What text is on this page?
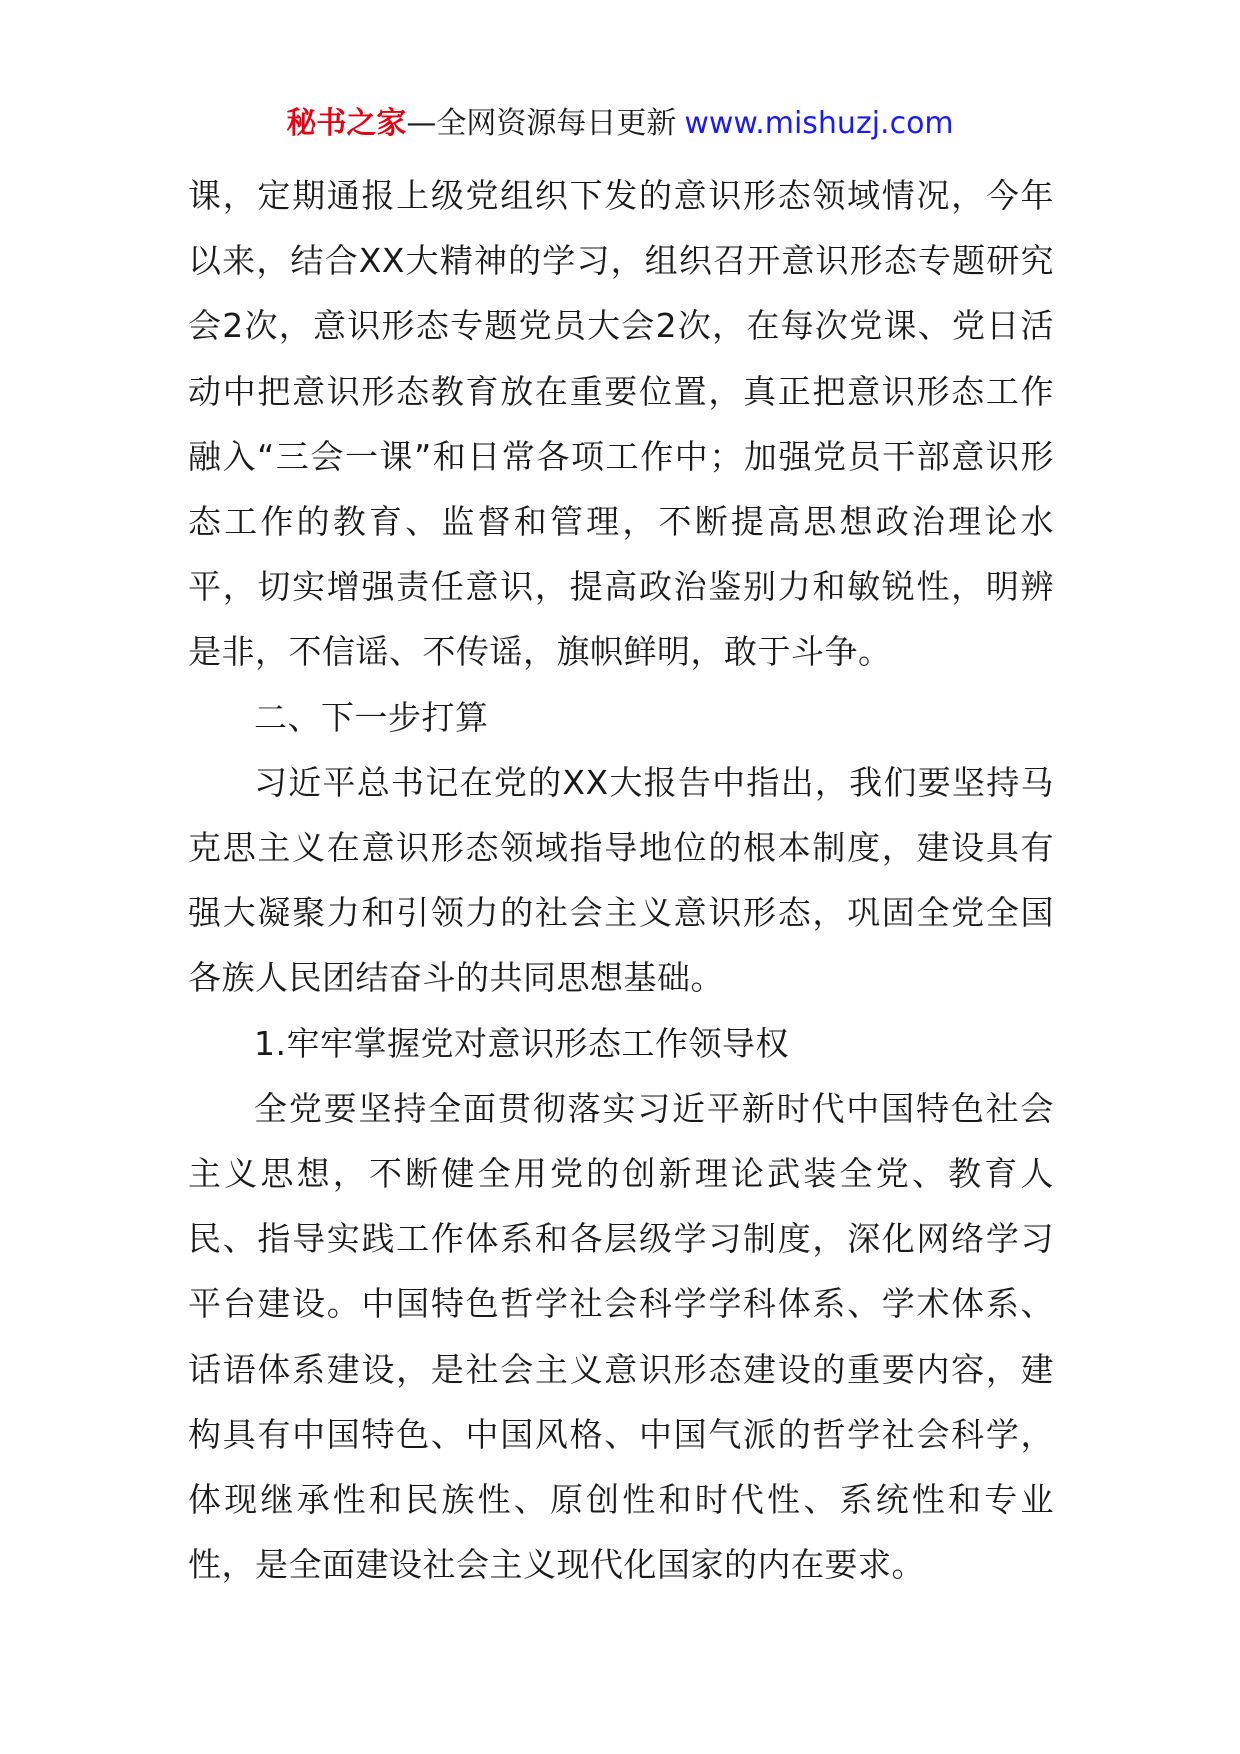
秘书之家—全网资源每日更新 www.mishuzj.com

课，定期通报上级党组织下发的意识形态领域情况，今年以来，结合XX大精神的学习，组织召开意识形态专题研究会2次，意识形态专题党员大会2次，在每次党课、党日活动中把意识形态教育放在重要位置，真正把意识形态工作融入“三会一课”和日常各项工作中；加强党员干部意识形态工作的教育、监督和管理，不断提高思想政治理论水平，切实增强责任意识，提高政治鉴别力和敏锐性，明辨是非，不信谣、不传谣，旗帜鲜明，敢于斗争。

二、下一步打算

习近平总书记在党的XX大报告中指出，我们要坚持马克思主义在意识形态领域指导地位的根本制度，建设具有强大凝聚力和引领力的社会主义意识形态，巩固全党全国各族人民团结奋斗的共同思想基础。

1.牢牢掌握党对意识形态工作领导权

全党要坚持全面贯彻落实习近平新时代中国特色社会主义思想，不断健全用党的创新理论武装全党、教育人民、指导实践工作体系和各层级学习制度，深化网络学习平台建设。中国特色哲学社会科学学科体系、学术体系、话语体系建设，是社会主义意识形态建设的重要内容，建构具有中国特色、中国风格、中国气派的哲学社会科学，体现继承性和民族性、原创性和时代性、系统性和专业性，是全面建设社会主义现代化国家的内在要求。
